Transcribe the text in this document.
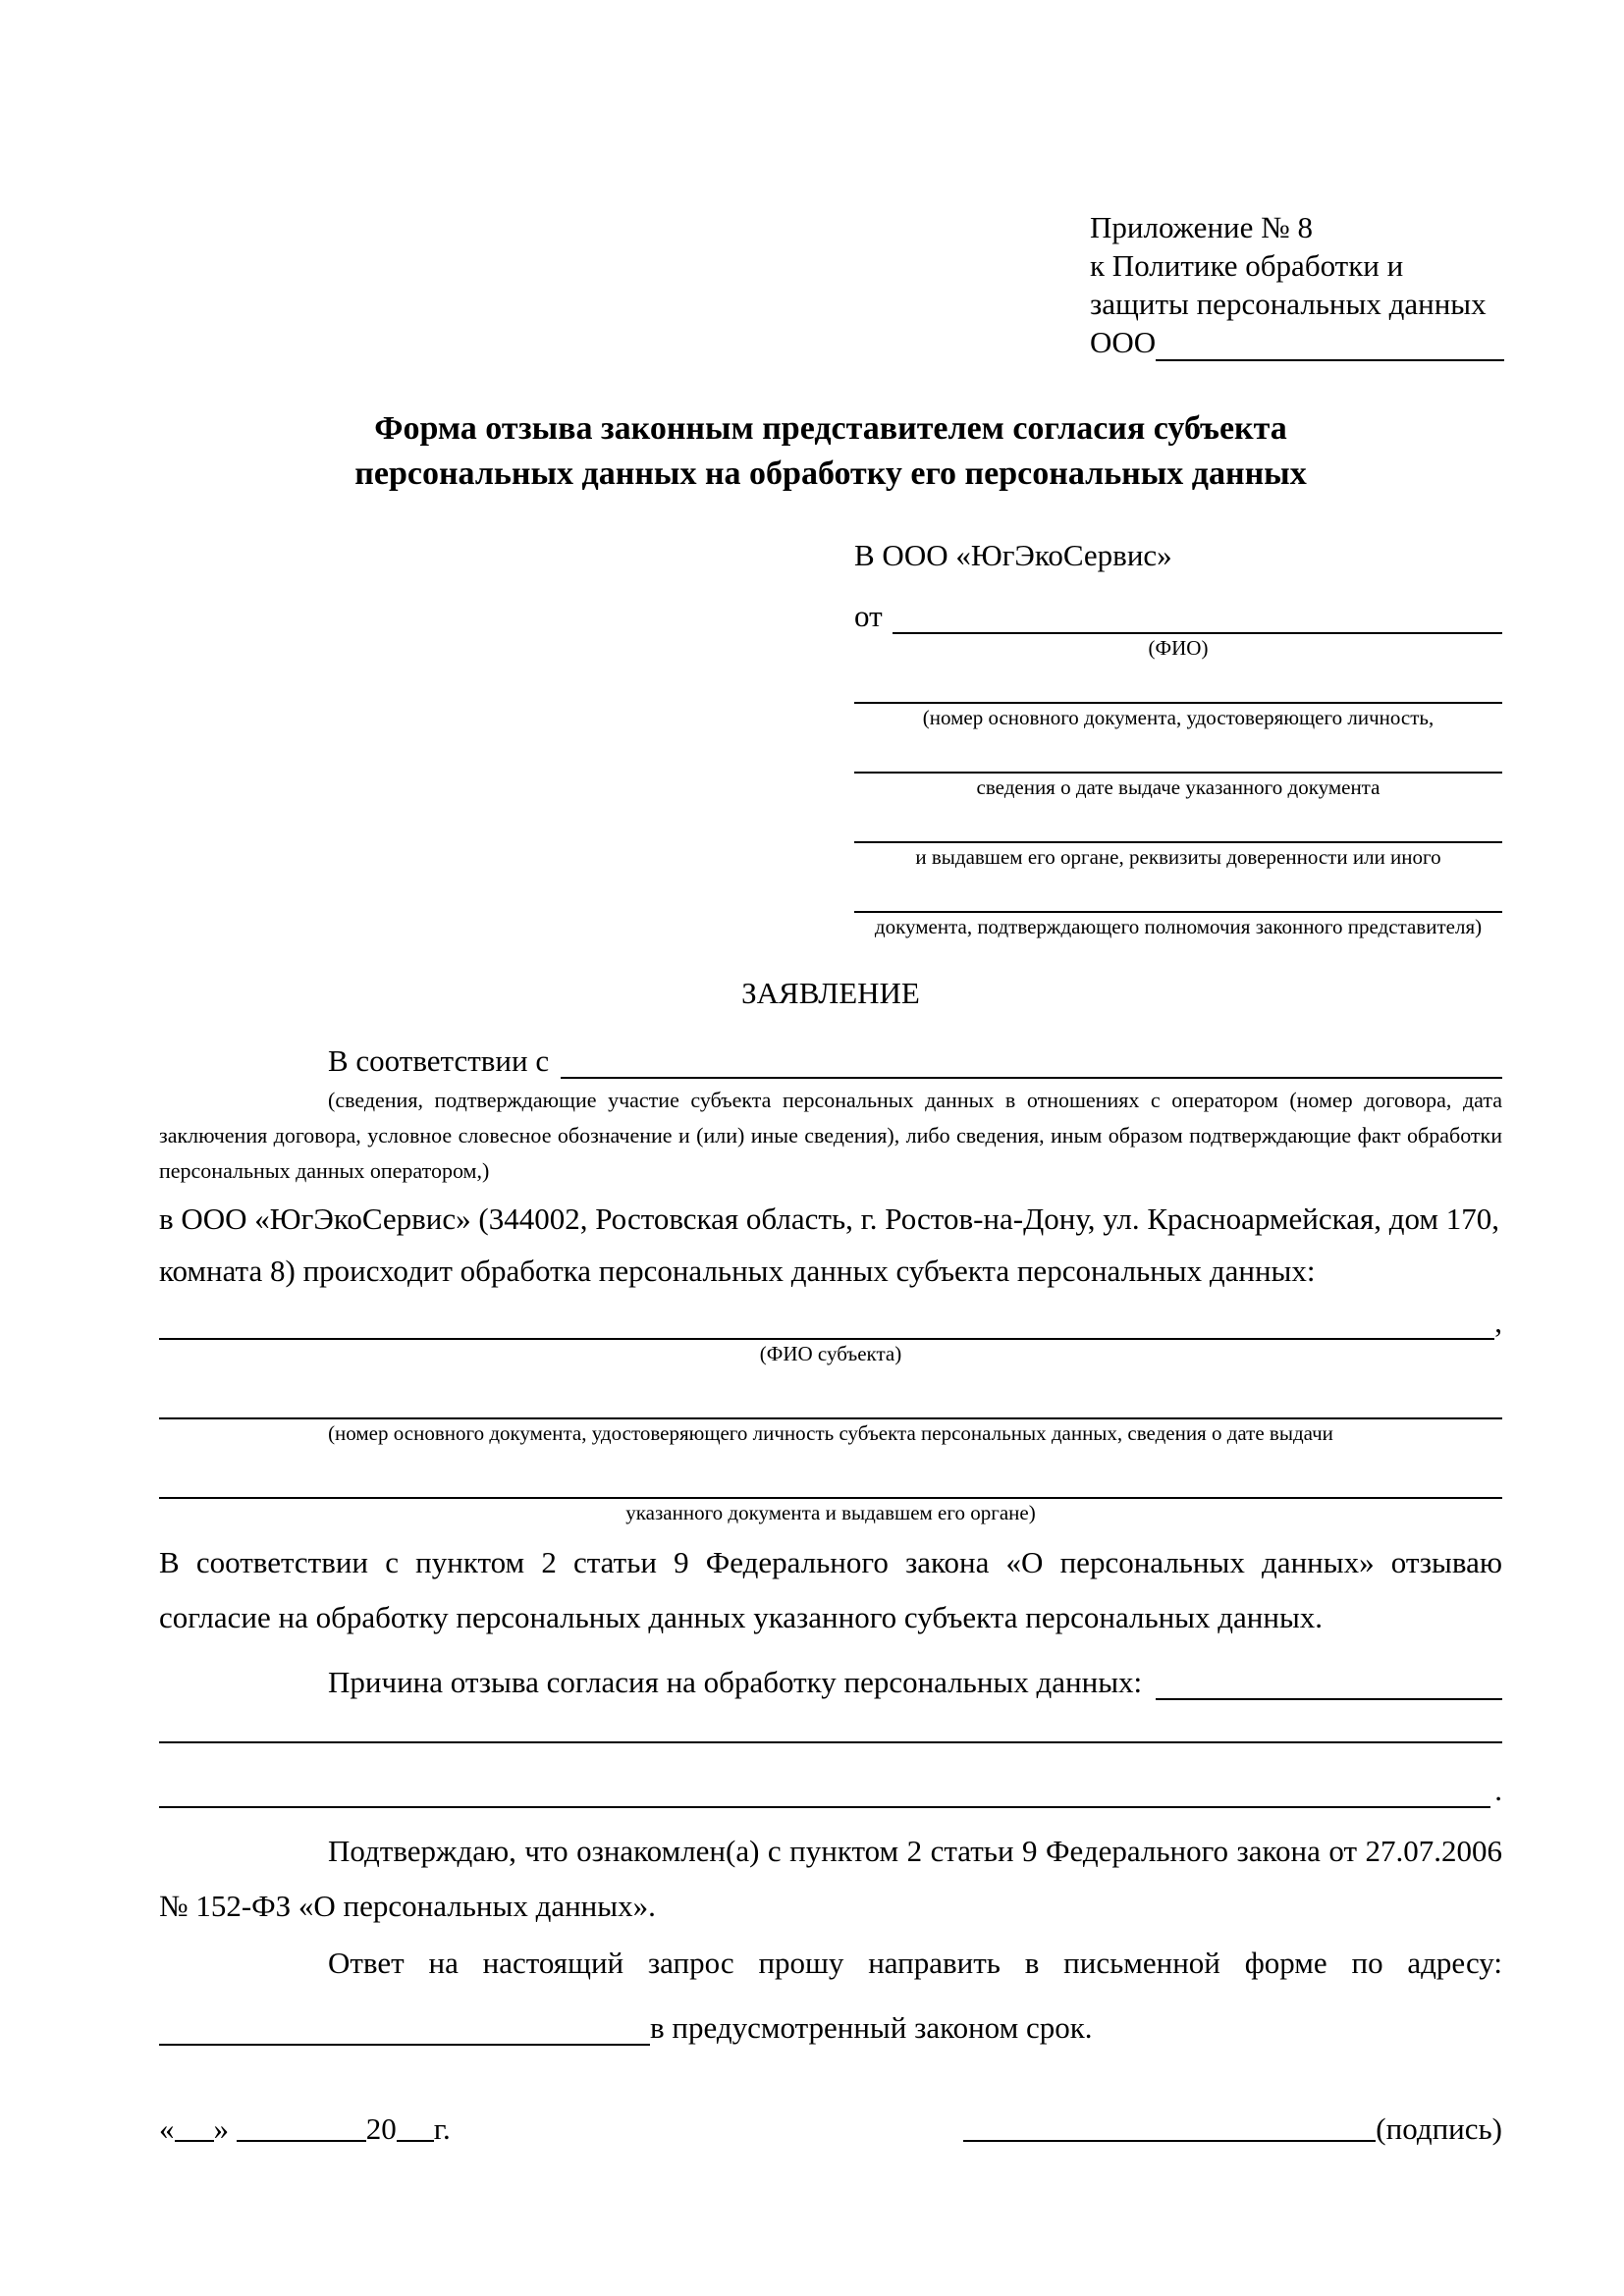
Приложение № 8
к Политике обработки и
защиты персональных данных
ООО
Форма отзыва законным представителем согласия субъекта персональных данных на обработку его персональных данных
В ООО «ЮгЭкоСервис»
от
(ФИО)
(номер основного документа, удостоверяющего личность,
сведения о дате выдаче указанного документа
и выдавшем его органе, реквизиты доверенности или иного
документа, подтверждающего полномочия законного представителя)
ЗАЯВЛЕНИЕ
В соответствии с
(сведения, подтверждающие участие субъекта персональных данных в отношениях с оператором (номер договора, дата заключения договора, условное словесное обозначение и (или) иные сведения), либо сведения, иным образом подтверждающие факт обработки персональных данных оператором,)
в ООО «ЮгЭкоСервис» (344002, Ростовская область, г. Ростов-на-Дону, ул. Красноармейская, дом 170, комната 8) происходит обработка персональных данных субъекта персональных данных:
,
(ФИО субъекта)
(номер основного документа, удостоверяющего личность субъекта персональных данных, сведения о дате выдачи
указанного документа и выдавшем его органе)
В соответствии с пунктом 2 статьи 9 Федерального закона «О персональных данных» отзываю согласие на обработку персональных данных указанного субъекта персональных данных.
Причина отзыва согласия на обработку персональных данных:
.
Подтверждаю, что ознакомлен(а) с пунктом 2 статьи 9 Федерального закона от 27.07.2006 № 152-ФЗ «О персональных данных».
Ответ на настоящий запрос прошу направить в письменной форме по адресу:
в предусмотренный законом срок.
« »	20 г.	(подпись)
